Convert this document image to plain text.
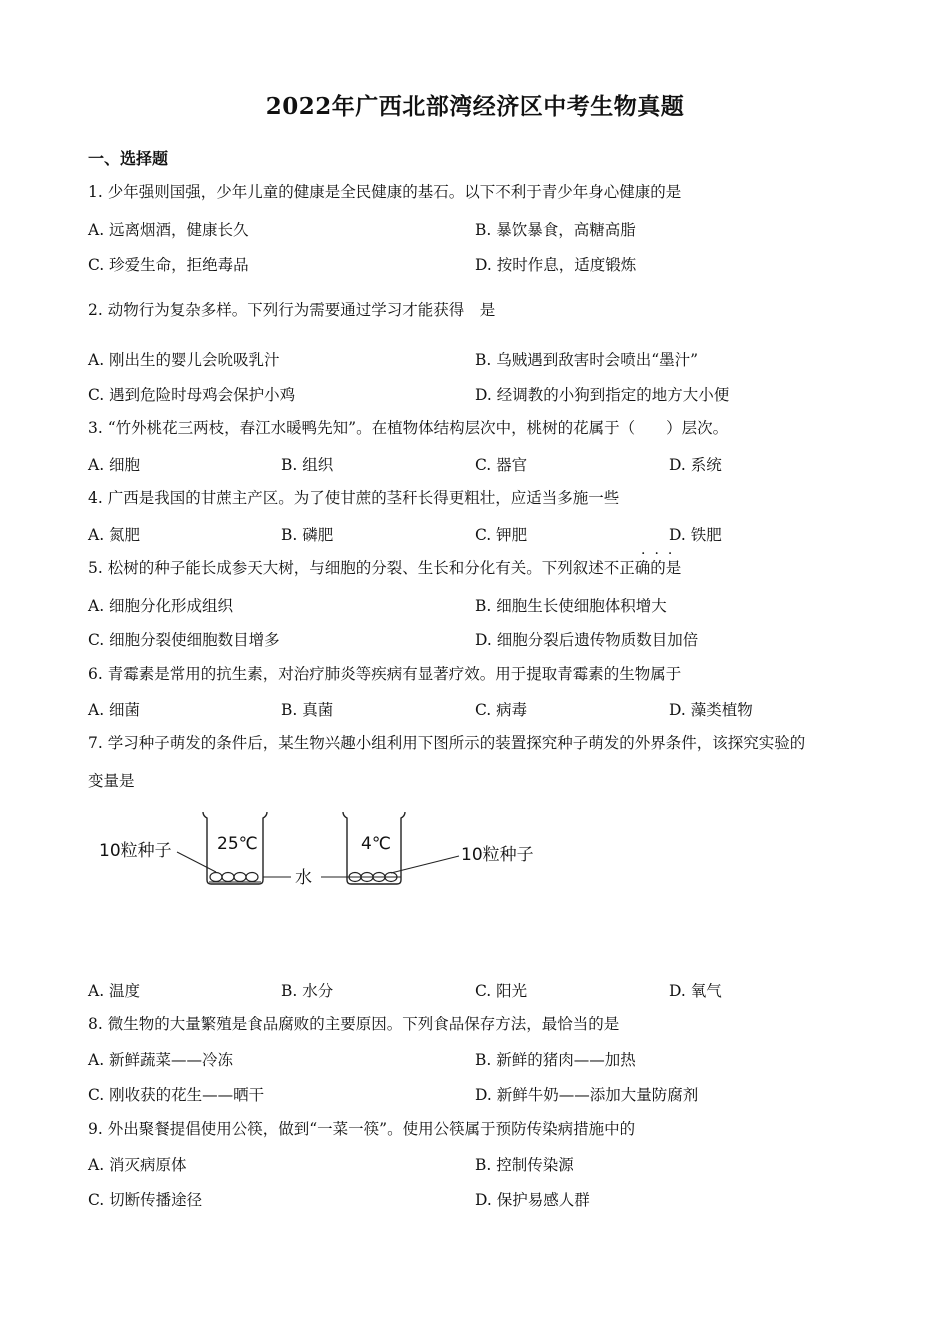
2022年广西北部湾经济区中考生物真题
一、选择题
1. 少年强则国强，少年儿童的健康是全民健康的基石。以下不利于青少年身心健康的是
A. 远离烟酒，健康长久	B. 暴饮暴食，高糖高脂
C. 珍爱生命，拒绝毒品	D. 按时作息，适度锻炼
2. 动物行为复杂多样。下列行为需要通过学习才能获得　是
A. 刚出生的婴儿会吮吸乳汁	B. 乌贼遇到敌害时会喷出“墨汁”
C. 遇到危险时母鸡会保护小鸡	D. 经调教的小狗到指定的地方大小便
3. “竹外桃花三两枝，春江水暖鸭先知”。在植物体结构层次中，桃树的花属于（　　）层次。
A. 细胞	B. 组织	C. 器官	D. 系统
4. 广西是我国的甘蔗主产区。为了使甘蔗的茎秆长得更粗壮，应适当多施一些
A. 氮肥	B. 磷肥	C. 钾肥	D. 铁肥
···
5. 松树的种子能长成参天大树，与细胞的分裂、生长和分化有关。下列叙述不正确的是
A. 细胞分化形成组织	B. 细胞生长使细胞体积增大
C. 细胞分裂使细胞数目增多	D. 细胞分裂后遗传物质数目加倍
6. 青霉素是常用的抗生素，对治疗肺炎等疾病有显著疗效。用于提取青霉素的生物属于
A. 细菌	B. 真菌	C. 病毒	D. 藻类植物
7. 学习种子萌发的条件后，某生物兴趣小组利用下图所示的装置探究种子萌发的外界条件，该探究实验的
变量是
25℃	4℃
10粒种子
水
10粒种子
A. 温度	B. 水分	C. 阳光	D. 氧气
8. 微生物的大量繁殖是食品腐败的主要原因。下列食品保存方法，最恰当的是
A. 新鲜蔬菜——冷冻	B. 新鲜的猪肉——加热
C. 刚收获的花生——晒干	D. 新鲜牛奶——添加大量防腐剂
9. 外出聚餐提倡使用公筷，做到“一菜一筷”。使用公筷属于预防传染病措施中的
A. 消灭病原体	B. 控制传染源
C. 切断传播途径	D. 保护易感人群
